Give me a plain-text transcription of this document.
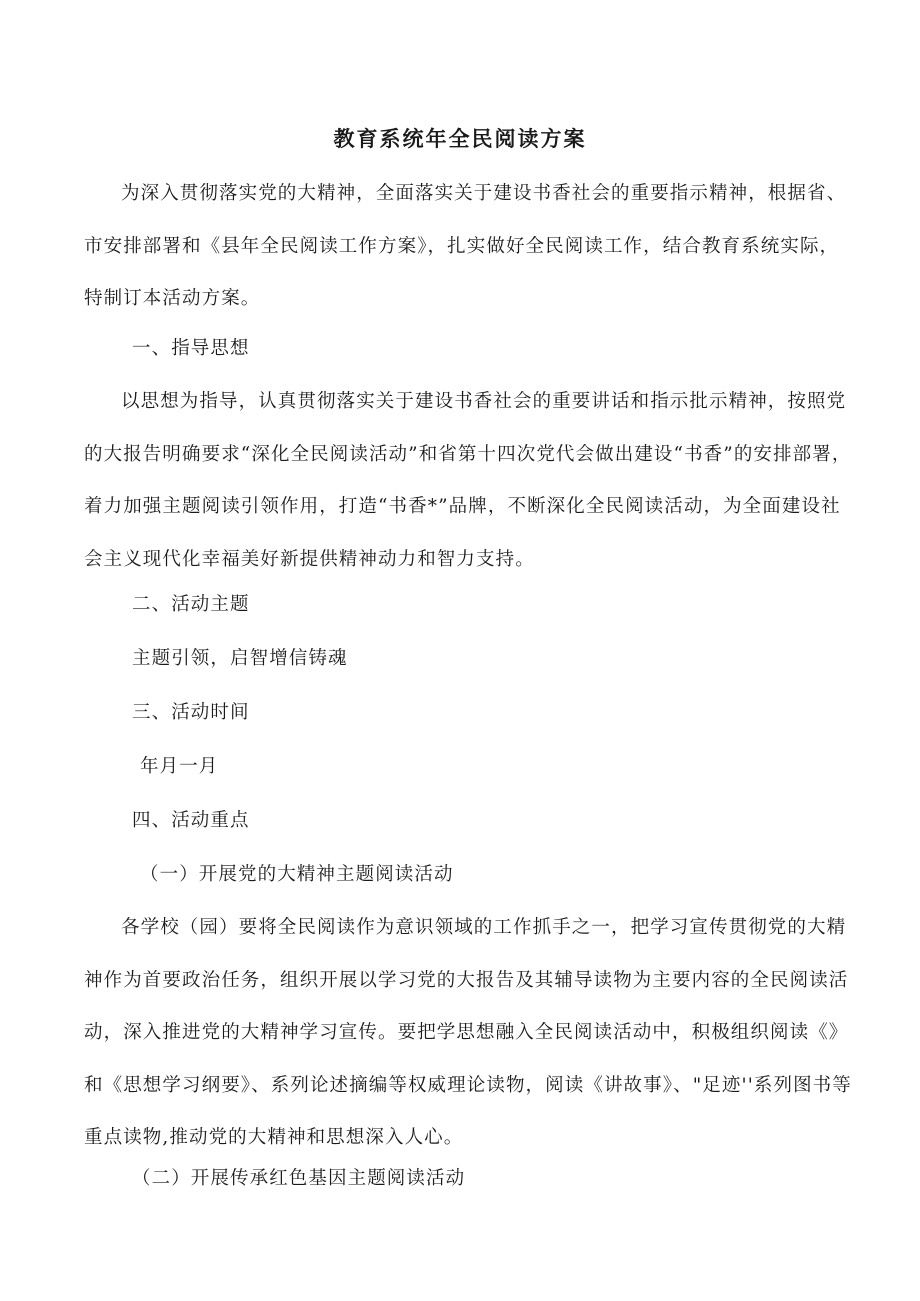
教育系统年全民阅读方案

为深入贯彻落实党的大精神，全面落实关于建设书香社会的重要指示精神，根据省、市安排部署和《县年全民阅读工作方案》，扎实做好全民阅读工作，结合教育系统实际，特制订本活动方案。

一、指导思想

以思想为指导，认真贯彻落实关于建设书香社会的重要讲话和指示批示精神，按照党的大报告明确要求“深化全民阅读活动”和省第十四次党代会做出建设“书香”的安排部署，着力加强主题阅读引领作用，打造“书香*”品牌，不断深化全民阅读活动，为全面建设社会主义现代化幸福美好新提供精神动力和智力支持。

二、活动主题
主题引领，启智增信铸魂
三、活动时间
年月一月
四、活动重点
（一）开展党的大精神主题阅读活动

各学校（园）要将全民阅读作为意识领域的工作抓手之一，把学习宣传贯彻党的大精神作为首要政治任务，组织开展以学习党的大报告及其辅导读物为主要内容的全民阅读活动，深入推进党的大精神学习宣传。要把学思想融入全民阅读活动中，积极组织阅读《》和《思想学习纲要》、系列论述摘编等权威理论读物，阅读《讲故事》、"足迹''系列图书等重点读物,推动党的大精神和思想深入人心。

（二）开展传承红色基因主题阅读活动
